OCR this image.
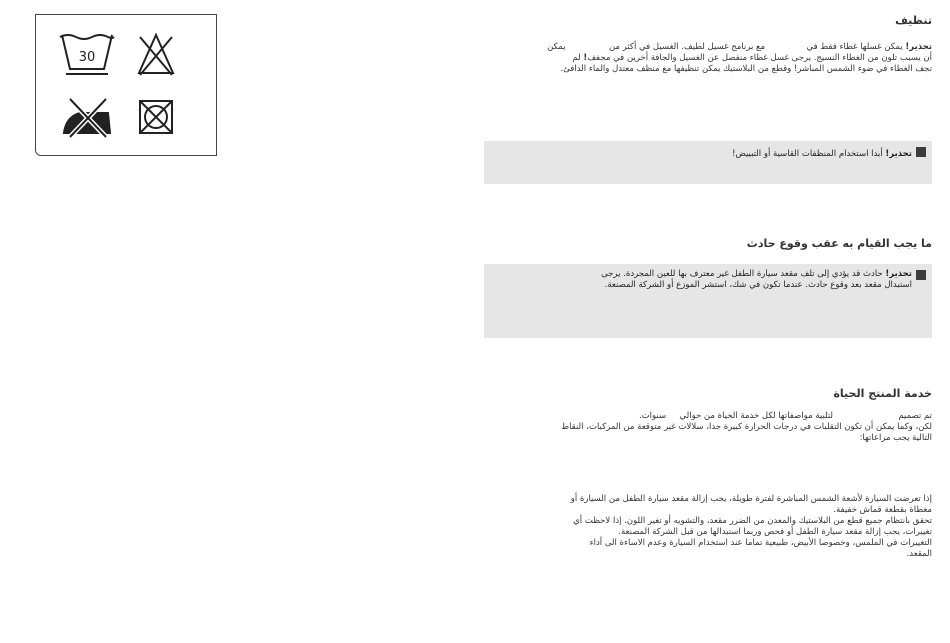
30
تنظيف
تحذير! يمكن غسلها غطاء فقط في  مع برنامج غسيل لطيف. الغسيل في أكثر من  يمكن
أن يسبب تلون من الغطاء النسيج. يرجى غسل غطاء منفصل عن الغسيل والجافة أخرين في مجفف! لم
تجف الغطاء في ضوء الشمس المباشر! وقطع من البلاستيك يمكن تنظيفها مع منظف معتدل والماء الدافئ.
تحذير! أبدا استخدام المنظفات القاسية أو التبييض!
ما يجب القيام به عقب وقوع حادث
تحذير! حادث قد يؤدي إلى تلف مقعد سيارة الطفل غير معترف بها للعين المجردة. يرجى
استبدال مقعد بعد وقوع حادث. عندما تكون في شك، استشر الموزع أو الشركة المصنعة.
خدمة المنتج الحياة
تم تصميم  لتلبية مواصفاتها لكل خدمة الحياة من حوالي  سنوات.
لكن، وكما يمكن أن تكون التقلبات في درجات الحرارة كبيرة جدا، سلالات غير متوقعة من المركبات، النقاط
التالية يجب مراعاتها:
إذا تعرضت السيارة لأشعة الشمس المباشرة لفترة طويلة، يجب إزالة مقعد سيارة الطفل من السيارة أو
مغطاة بقطعة قماش خفيفة.
تحقق بانتظام جميع قطع من البلاستيك والمعدن من الضرر مقعد، والتشويه أو تغير اللون. إذا لاحظت أي
تغييرات، يجب إزالة مقعد سيارة الطفل أو فحص وربما استبدالها من قبل الشركة المصنعة.
التغييرات في الملمس، وخصوصا الأبيض، طبيعية تماما عند استخدام السيارة وعدم الاساءة الى أداء
المقعد.
